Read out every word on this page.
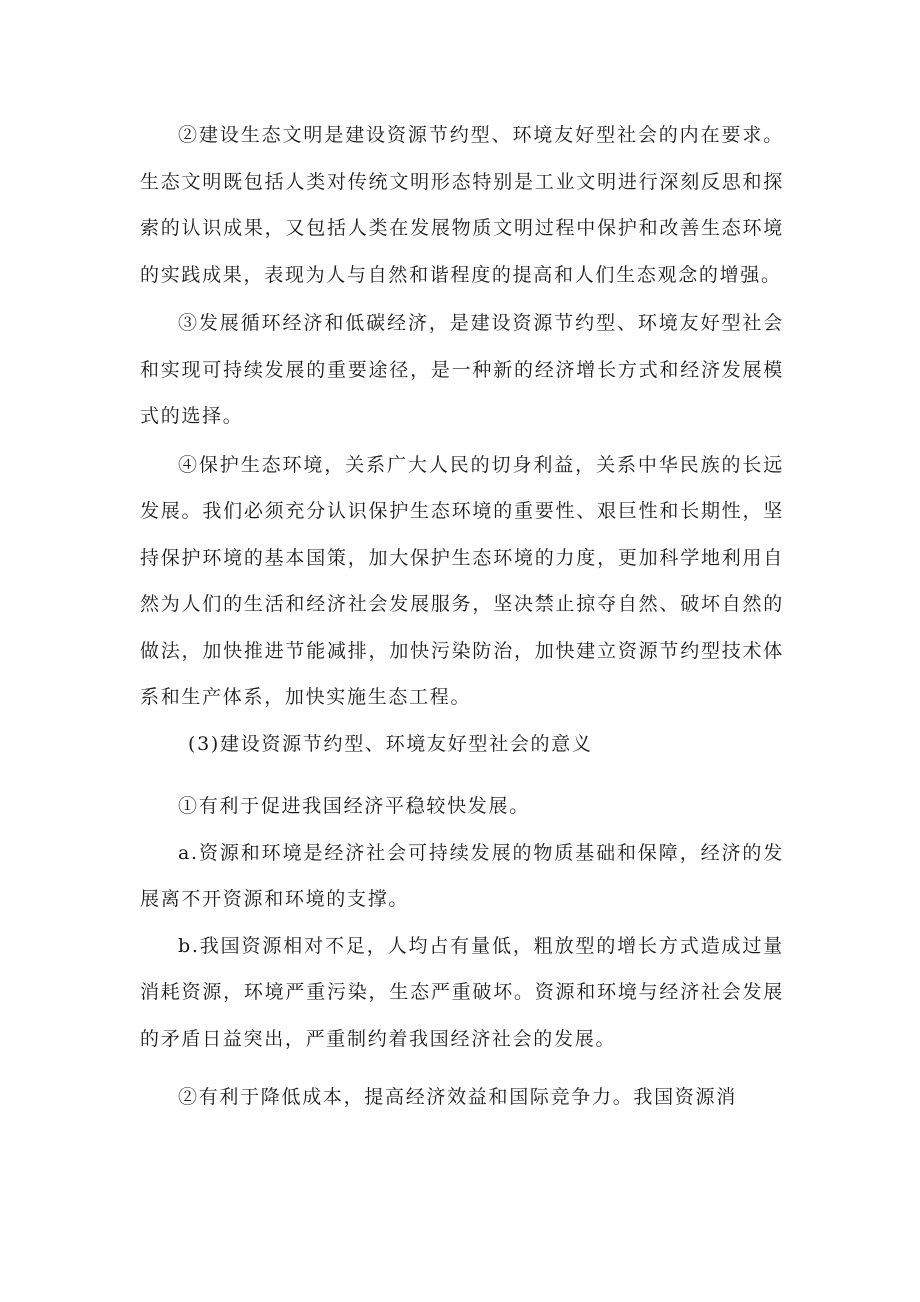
②建设生态文明是建设资源节约型、环境友好型社会的内在要求。生态文明既包括人类对传统文明形态特别是工业文明进行深刻反思和探索的认识成果，又包括人类在发展物质文明过程中保护和改善生态环境的实践成果，表现为人与自然和谐程度的提高和人们生态观念的增强。

③发展循环经济和低碳经济，是建设资源节约型、环境友好型社会和实现可持续发展的重要途径，是一种新的经济增长方式和经济发展模式的选择。

④保护生态环境，关系广大人民的切身利益，关系中华民族的长远发展。我们必须充分认识保护生态环境的重要性、艰巨性和长期性，坚持保护环境的基本国策，加大保护生态环境的力度，更加科学地利用自然为人们的生活和经济社会发展服务，坚决禁止掠夺自然、破坏自然的做法，加快推进节能减排，加快污染防治，加快建立资源节约型技术体系和生产体系，加快实施生态工程。

(3)建设资源节约型、环境友好型社会的意义

①有利于促进我国经济平稳较快发展。

a.资源和环境是经济社会可持续发展的物质基础和保障，经济的发展离不开资源和环境的支撑。

b.我国资源相对不足，人均占有量低，粗放型的增长方式造成过量消耗资源，环境严重污染，生态严重破坏。资源和环境与经济社会发展的矛盾日益突出，严重制约着我国经济社会的发展。

②有利于降低成本，提高经济效益和国际竞争力。我国资源消
